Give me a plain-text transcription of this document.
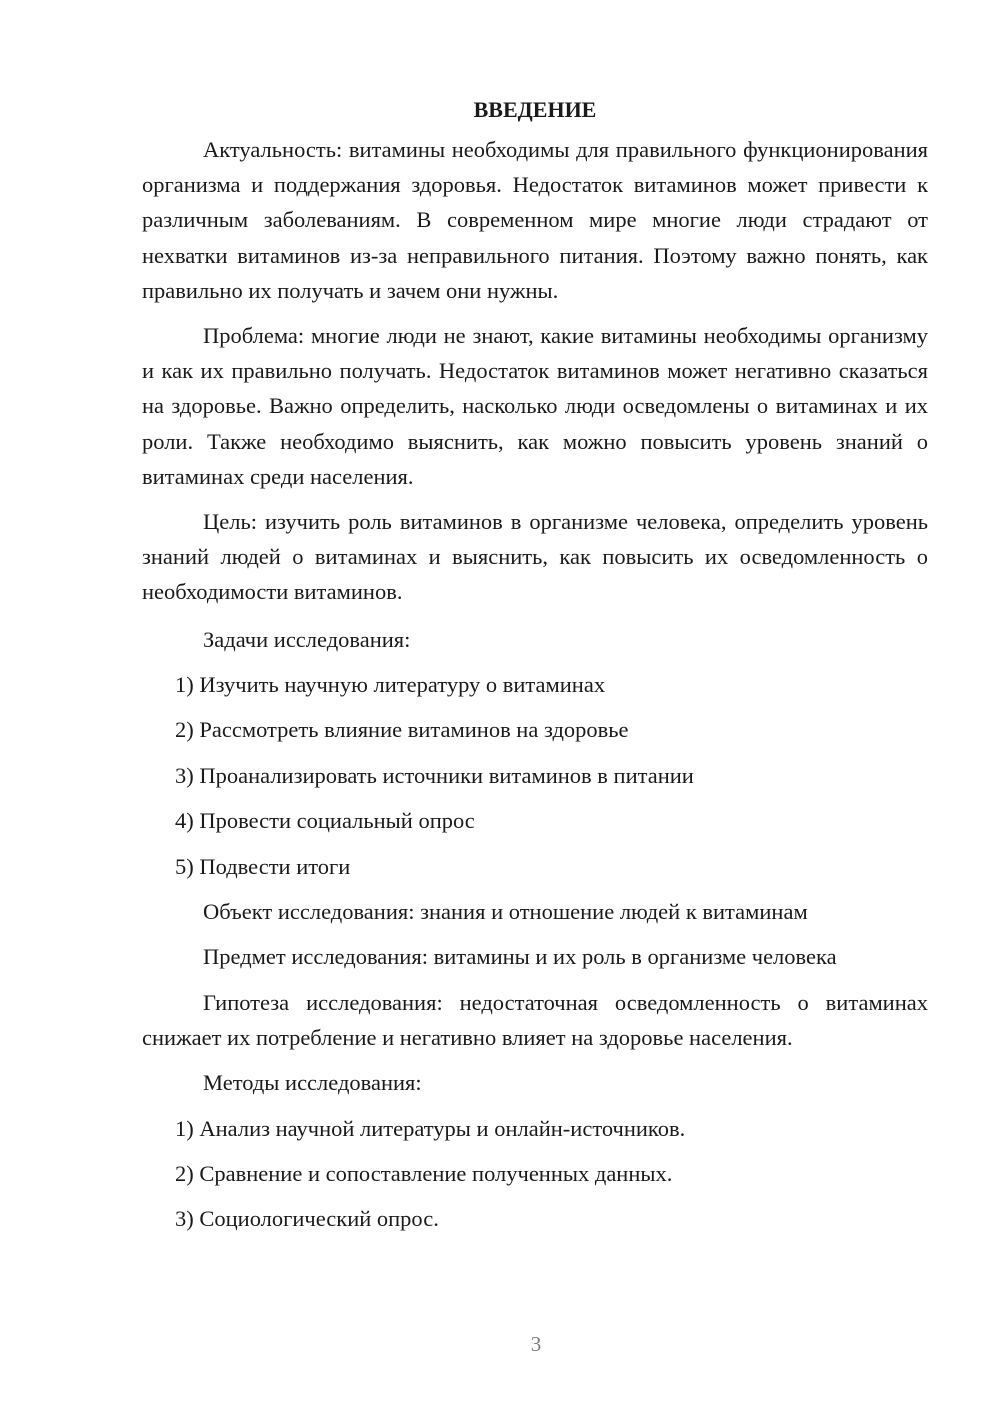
ВВЕДЕНИЕ

Актуальность: витамины необходимы для правильного функционирования организма и поддержания здоровья. Недостаток витаминов может привести к различным заболеваниям. В современном мире многие люди страдают от нехватки витаминов из-за неправильного питания. Поэтому важно понять, как правильно их получать и зачем они нужны.

Проблема: многие люди не знают, какие витамины необходимы организму и как их правильно получать. Недостаток витаминов может негативно сказаться на здоровье. Важно определить, насколько люди осведомлены о витаминах и их роли. Также необходимо выяснить, как можно повысить уровень знаний о витаминах среди населения.

Цель: изучить роль витаминов в организме человека, определить уровень знаний людей о витаминах и выяснить, как повысить их осведомленность о необходимости витаминов.

Задачи исследования:
1) Изучить научную литературу о витаминах
2) Рассмотреть влияние витаминов на здоровье
3) Проанализировать источники витаминов в питании
4) Провести социальный опрос
5) Подвести итоги
Объект исследования: знания и отношение людей к витаминам
Предмет исследования: витамины и их роль в организме человека

Гипотеза исследования: недостаточная осведомленность о витаминах снижает их потребление и негативно влияет на здоровье населения.

Методы исследования:
1) Анализ научной литературы и онлайн-источников.
2) Сравнение и сопоставление полученных данных.
3) Социологический опрос.
3
